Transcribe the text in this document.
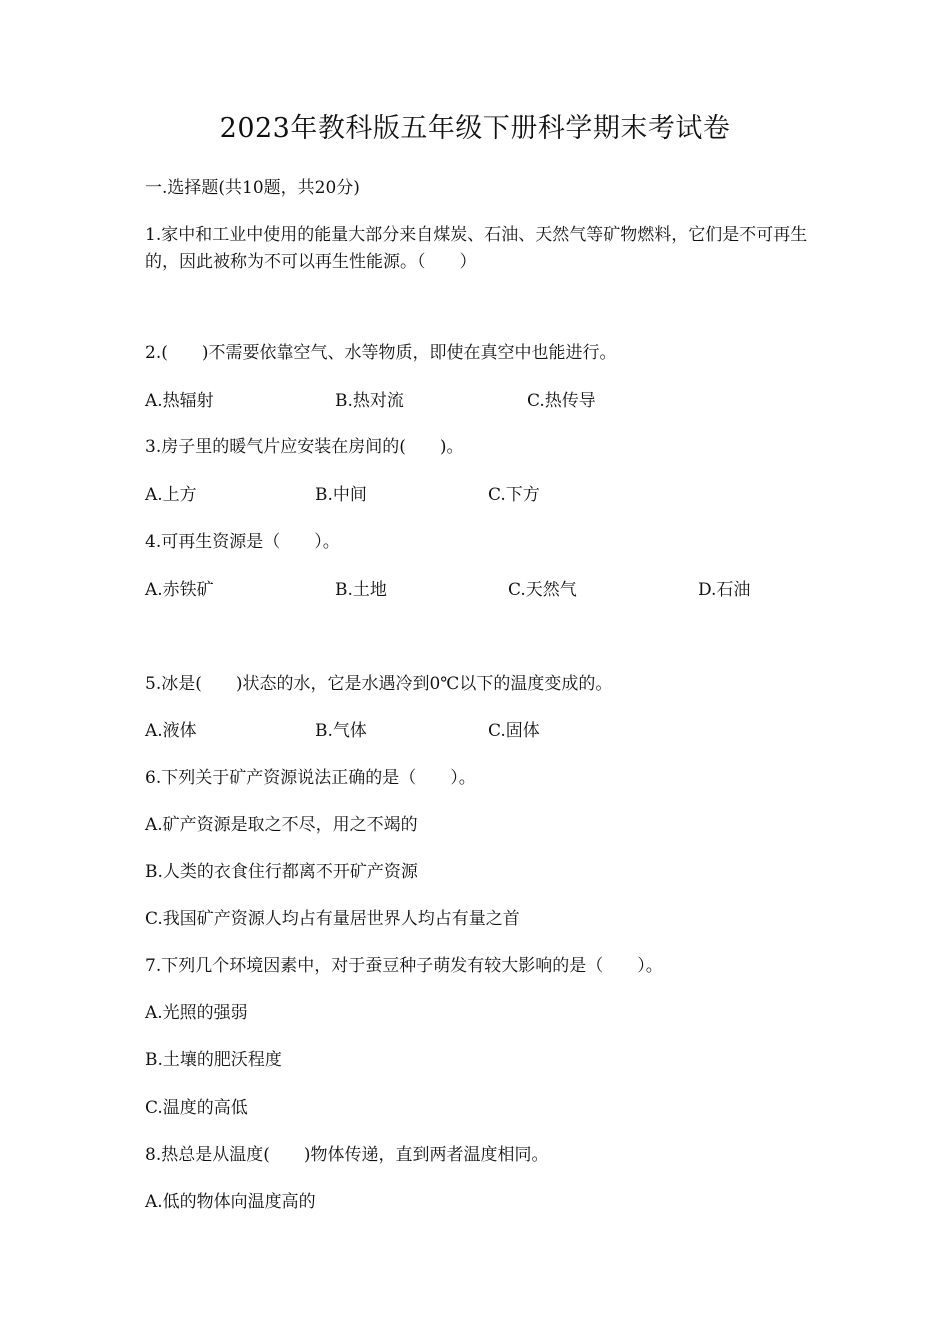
2023年教科版五年级下册科学期末考试卷
一.选择题(共10题，共20分)
1.家中和工业中使用的能量大部分来自煤炭、石油、天然气等矿物燃料，它们是不可再生的，因此被称为不可以再生性能源。（　　）
2.(　　)不需要依靠空气、水等物质，即使在真空中也能进行。
A.热辐射	B.热对流	C.热传导
3.房子里的暖气片应安装在房间的(　　)。
A.上方	B.中间	C.下方
4.可再生资源是（　　）。
A.赤铁矿	B.土地	C.天然气	D.石油
5.冰是(　　)状态的水，它是水遇冷到0℃以下的温度变成的。
A.液体	B.气体	C.固体
6.下列关于矿产资源说法正确的是（　　）。
A.矿产资源是取之不尽，用之不竭的
B.人类的衣食住行都离不开矿产资源
C.我国矿产资源人均占有量居世界人均占有量之首
7.下列几个环境因素中，对于蚕豆种子萌发有较大影响的是（　　）。
A.光照的强弱
B.土壤的肥沃程度
C.温度的高低
8.热总是从温度(　　)物体传递，直到两者温度相同。
A.低的物体向温度高的
